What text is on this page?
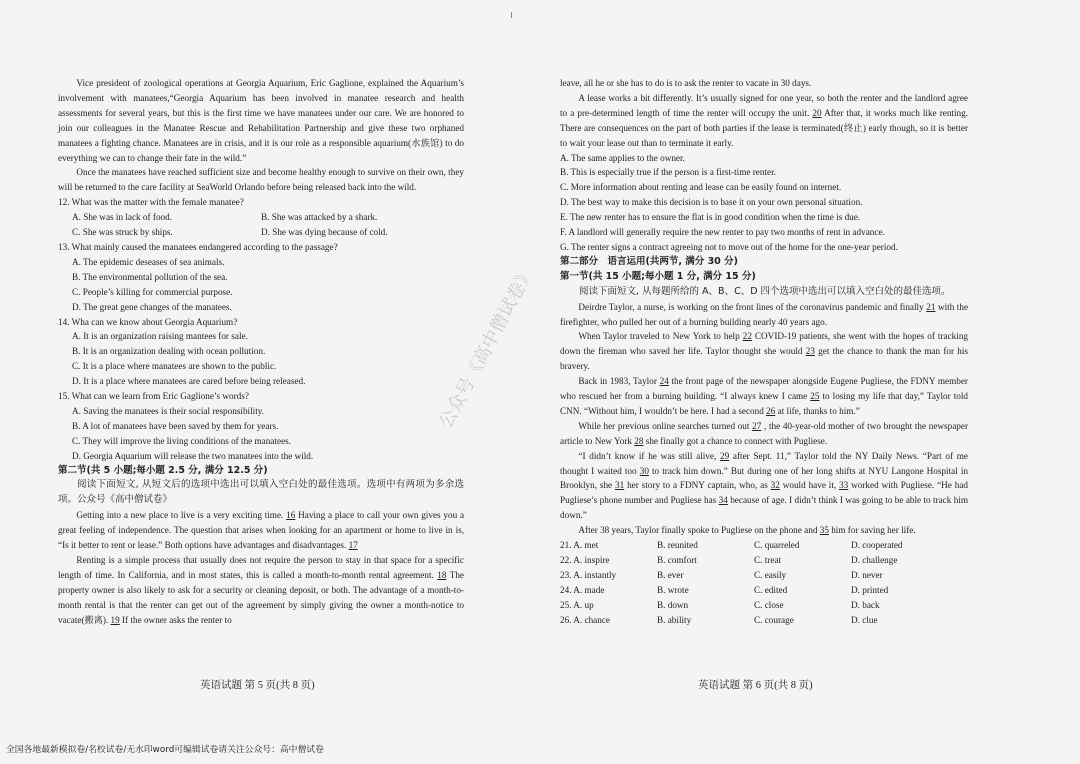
Vice president of zoological operations at Georgia Aquarium, Eric Gaglione, explained the Aquarium’s involvement with manatees,“Georgia Aquarium has been involved in manatee research and health assessments for several years, but this is the first time we have manatees under our care. We are honored to join our colleagues in the Manatee Rescue and Rehabilitation Partnership and give these two orphaned manatees a fighting chance. Manatees are in crisis, and it is our role as a responsible aquarium(水族馆) to do everything we can to change their fate in the wild.”

Once the manatees have reached sufficient size and become healthy enough to survive on their own, they will be returned to the care facility at SeaWorld Orlando before being released back into the wild.

12. What was the matter with the female manatee?

A. She was in lack of food.	B. She was attacked by a shark.
C. She was struck by ships.	D. She was dying because of cold.

13. What mainly caused the manatees endangered according to the passage?

A. The epidemic deseases of sea animals.

B. The environmental pollution of the sea.

C. People’s killing for commercial purpose.

D. The great gene changes of the manatees.

14. Wha can we know about Georgia Aquarium?

A. It is an organization raising mantees for sale.

B. It is an organization dealing with ocean pollution.

C. It is a place where manatees are shown to the public.

D. It is a place where manatees are cared before being released.

15. What can we learn from Eric Gaglione’s words?

A. Saving the manatees is their social responsibility.

B. A lot of manatees have been saved by them for years.

C. They will improve the living conditions of the manatees.

D. Georgia Aquarium will release the two manatees into the wild.

第二节(共 5 小题;每小题 2.5 分, 满分 12.5 分)

阅读下面短文, 从短文后的选项中选出可以填入空白处的最佳选项。选项中有两项为多余选项。公众号《高中僧试卷》

Getting into a new place to live is a very exciting time. 16 Having a place to call your own gives you a great feeling of independence. The question that arises when looking for an apartment or home to live in is, “Is it better to rent or lease.” Both options have advantages and disadvantages. 17

Renting is a simple process that usually does not require the person to stay in that space for a specific length of time. In California, and in most states, this is called a month-to-month rental agreement. 18 The property owner is also likely to ask for a security or cleaning deposit, or both. The advantage of a month-to-month rental is that the renter can get out of the agreement by simply giving the owner a month-notice to vacate(搬离). 19 If the owner asks the renter to

leave, all he or she has to do is to ask the renter to vacate in 30 days.

A lease works a bit differently. It’s usually signed for one year, so both the renter and the landlord agree to a pre-determined length of time the renter will occupy the unit. 20 After that, it works much like renting. There are consequences on the part of both parties if the lease is terminated(终止) early though, so it is better to wait your lease out than to terminate it early.

A. The same applies to the owner.

B. This is especially true if the person is a first-time renter.

C. More information about renting and lease can be easily found on internet.

D. The best way to make this decision is to base it on your own personal situation.

E. The new renter has to ensure the flat is in good condition when the time is due.

F. A landlord will generally require the new renter to pay two months of rent in advance.

G. The renter signs a contract agreeing not to move out of the home for the one-year period.

第二部分　语言运用(共两节, 满分 30 分)

第一节(共 15 小题;每小题 1 分, 满分 15 分)

阅读下面短文, 从每题所给的 A、B、C、D 四个选项中选出可以填入空白处的最佳选项。

Deirdre Taylor, a nurse, is working on the front lines of the coronavirus pandemic and finally 21 with the firefighter, who pulled her out of a burning building nearly 40 years ago.

When Taylor traveled to New York to help 22 COVID-19 patients, she went with the hopes of tracking down the fireman who saved her life. Taylor thought she would 23 get the chance to thank the man for his bravery.

Back in 1983, Taylor 24 the front page of the newspaper alongside Eugene Pugliese, the FDNY member who rescued her from a burning building. “I always knew I came 25 to losing my life that day,” Taylor told CNN. “Without him, I wouldn’t be here. I had a second 26 at life, thanks to him.”

While her previous online searches turned out 27 , the 40-year-old mother of two brought the newspaper article to New York 28 she finally got a chance to connect with Pugliese.

“I didn’t know if he was still alive, 29 after Sept. 11,” Taylor told the NY Daily News. “Part of me thought I waited too 30 to track him down.” But during one of her long shifts at NYU Langone Hospital in Brooklyn, she 31 her story to a FDNY captain, who, as 32 would have it, 33 worked with Pugliese. “He had Pugliese’s phone number and Pugliese has 34 because of age. I didn’t think I was going to be able to track him down.”

After 38 years, Taylor finally spoke to Pugliese on the phone and 35 him for saving her life.

21. A. met	B. reunited	C. quarreled	D. cooperated
22. A. inspire	B. comfort	C. treat	D. challenge
23. A. instantly	B. ever	C. easily	D. never
24. A. made	B. wrote	C. edited	D. printed
25. A. up	B. down	C. close	D. back
26. A. chance	B. ability	C. courage	D. clue
公众号《高中僧试卷》
英语试题 第 5 页(共 8 页)	英语试题 第 6 页(共 8 页)
全国各地最新模拟卷/名校试卷/无水印word可编辑试卷请关注公众号：高中僧试卷
